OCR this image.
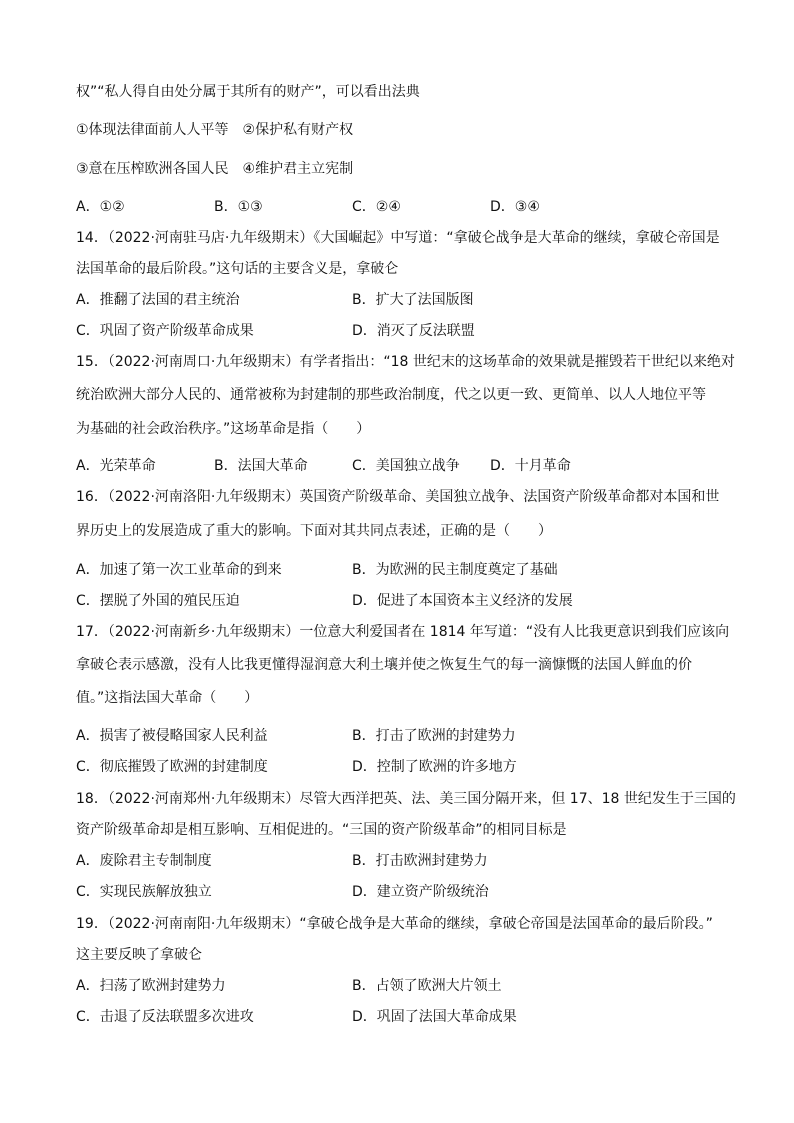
权”“私人得自由处分属于其所有的财产”，可以看出法典
①体现法律面前人人平等　②保护私有财产权
③意在压榨欧洲各国人民　④维护君主立宪制
A．①②	B．①③	C．②④	D．③④
14．（2022·河南驻马店·九年级期末）《大国崛起》中写道：“拿破仑战争是大革命的继续，拿破仑帝国是
法国革命的最后阶段。”这句话的主要含义是，拿破仑
A．推翻了法国的君主统治	B．扩大了法国版图
C．巩固了资产阶级革命成果	D．消灭了反法联盟
15．（2022·河南周口·九年级期末）有学者指出：“18 世纪末的这场革命的效果就是摧毁若干世纪以来绝对
统治欧洲大部分人民的、通常被称为封建制的那些政治制度，代之以更一致、更简单、以人人地位平等
为基础的社会政治秩序。”这场革命是指（　　）
A．光荣革命	B．法国大革命	C．美国独立战争 D．十月革命
16．（2022·河南洛阳·九年级期末）英国资产阶级革命、美国独立战争、法国资产阶级革命都对本国和世
界历史上的发展造成了重大的影响。下面对其共同点表述，正确的是（　　）
A．加速了第一次工业革命的到来	B．为欧洲的民主制度奠定了基础
C．摆脱了外国的殖民压迫	D．促进了本国资本主义经济的发展
17．（2022·河南新乡·九年级期末）一位意大利爱国者在 1814 年写道：“没有人比我更意识到我们应该向
拿破仑表示感激，没有人比我更懂得湿润意大利土壤并使之恢复生气的每一滴慷慨的法国人鲜血的价
值。”这指法国大革命（　　）
A．损害了被侵略国家人民利益	B．打击了欧洲的封建势力
C．彻底摧毁了欧洲的封建制度	D．控制了欧洲的许多地方
18．（2022·河南郑州·九年级期末）尽管大西洋把英、法、美三国分隔开来，但 17、18 世纪发生于三国的
资产阶级革命却是相互影响、互相促进的。“三国的资产阶级革命”的相同目标是
A．废除君主专制制度	B．打击欧洲封建势力
C．实现民族解放独立	D．建立资产阶级统治
19．（2022·河南南阳·九年级期末）“拿破仑战争是大革命的继续，拿破仑帝国是法国革命的最后阶段。”
这主要反映了拿破仑
A．扫荡了欧洲封建势力	B．占领了欧洲大片领土
C．击退了反法联盟多次进攻	D．巩固了法国大革命成果
